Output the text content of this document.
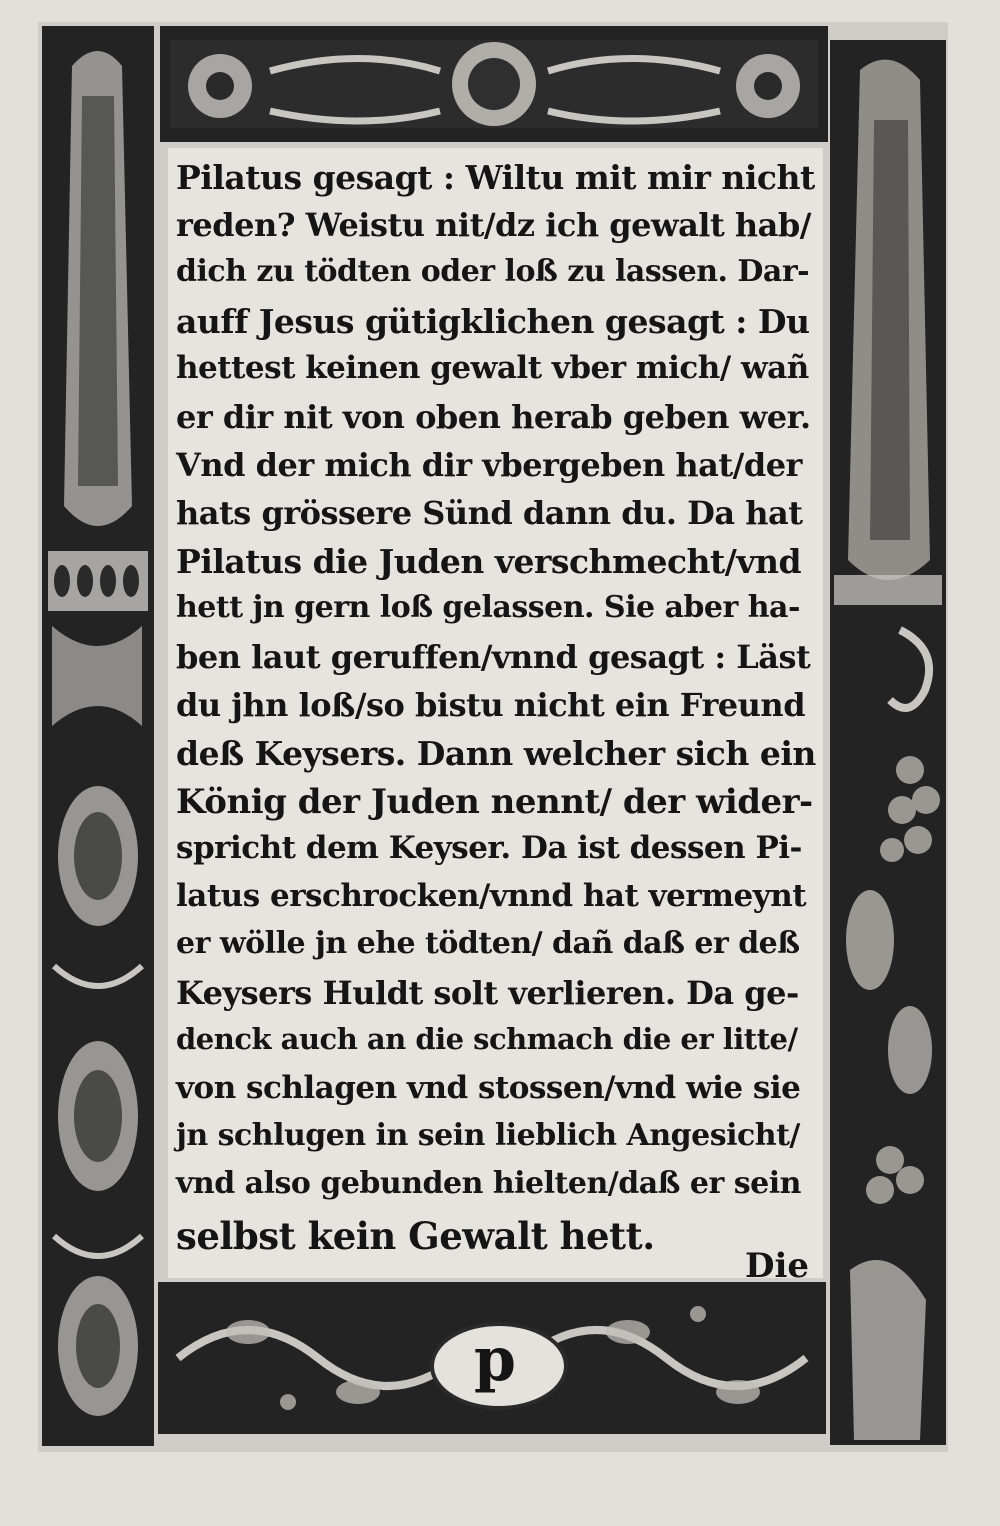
p
Pilatus gesagt : Wiltu mit mir nicht
reden? Weistu nit/dz ich gewalt hab/
dich zu tödten oder loß zu lassen. Dar-
auff Jesus gütigklichen gesagt : Du
hettest keinen gewalt vber mich/ wañ
er dir nit von oben herab geben wer.
Vnd der mich dir vbergeben hat/der
hats grössere Sünd dann du. Da hat
Pilatus die Juden verschmecht/vnd
hett jn gern loß gelassen. Sie aber ha-
ben laut geruffen/vnnd gesagt : Läst
du jhn loß/so bistu nicht ein Freund
deß Keysers. Dann welcher sich ein
König der Juden nennt/ der wider-
spricht dem Keyser. Da ist dessen Pi-
latus erschrocken/vnnd hat vermeynt
er wölle jn ehe tödten/ dañ daß er deß
Keysers Huldt solt verlieren. Da ge-
denck auch an die schmach die er litte/
von schlagen vnd stossen/vnd wie sie
jn schlugen in sein lieblich Angesicht/
vnd also gebunden hielten/daß er sein
selbst kein Gewalt hett.
Die
